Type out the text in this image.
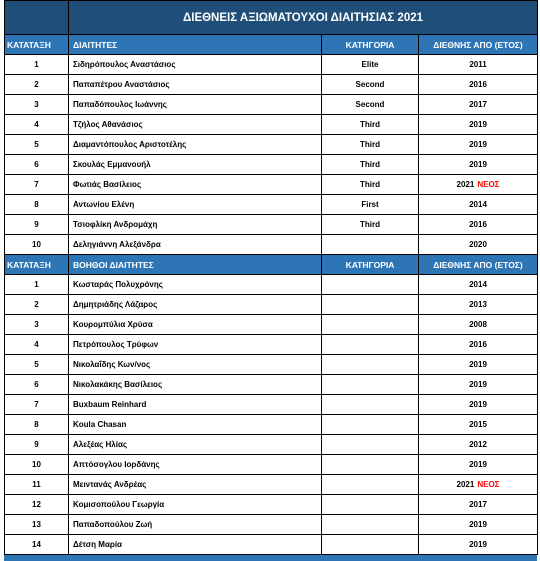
	ΔΙΕΘΝΕΙΣ ΑΞΙΩΜΑΤΟΥΧΟΙ ΔΙΑΙΤΗΣΙΑΣ 2021		
ΚΑΤΑΤΑΞΗ	ΔΙΑΙΤΗΤΕΣ	ΚΑΤΗΓΟΡΙΑ	ΔΙΕΘΝΗΣ ΑΠΟ (ΕΤΟΣ)
1	Σιδηρόπουλος Αναστάσιος	Elite	2011
2	Παπαπέτρου Αναστάσιος	Second	2016
3	Παπαδόπουλος Ιωάννης	Second	2017
4	Τζήλος Αθανάσιος	Third	2019
5	Διαμαντόπουλος Αριστοτέλης	Third	2019
6	Σκουλάς Εμμανουήλ	Third	2019
7	Φωτιάς Βασίλειος	Third	2021 ΝΕΟΣ
8	Αντωνίου Ελένη	First	2014
9	Τσιοφλίκη Ανδρομάχη	Third	2016
10	Δεληγιάννη Αλεξάνδρα		2020
ΚΑΤΑΤΑΞΗ	ΒΟΗΘΟΙ ΔΙΑΙΤΗΤΕΣ	ΚΑΤΗΓΟΡΙΑ	ΔΙΕΘΝΗΣ ΑΠΟ (ΕΤΟΣ)
1	Κωσταράς Πολυχρόνης		2014
2	Δημητριάδης Λάζαρος		2013
3	Κουρομπύλια Χρύσα		2008
4	Πετρόπουλος Τρύφων		2016
5	Νικολαΐδης Κων/νος		2019
6	Νικολακάκης Βασίλειος		2019
7	Buxbaum Reinhard		2019
8	Koula Chasan		2015
9	Αλεξέας Ηλίας		2012
10	Απτόσογλου Ιορδάνης		2019
11	Μειντανάς Ανδρέας		2021 ΝΕΟΣ
12	Κομισοπούλου Γεωργία		2017
13	Παπαδοπούλου Ζωή		2019
14	Δέτση Μαρία		2019
